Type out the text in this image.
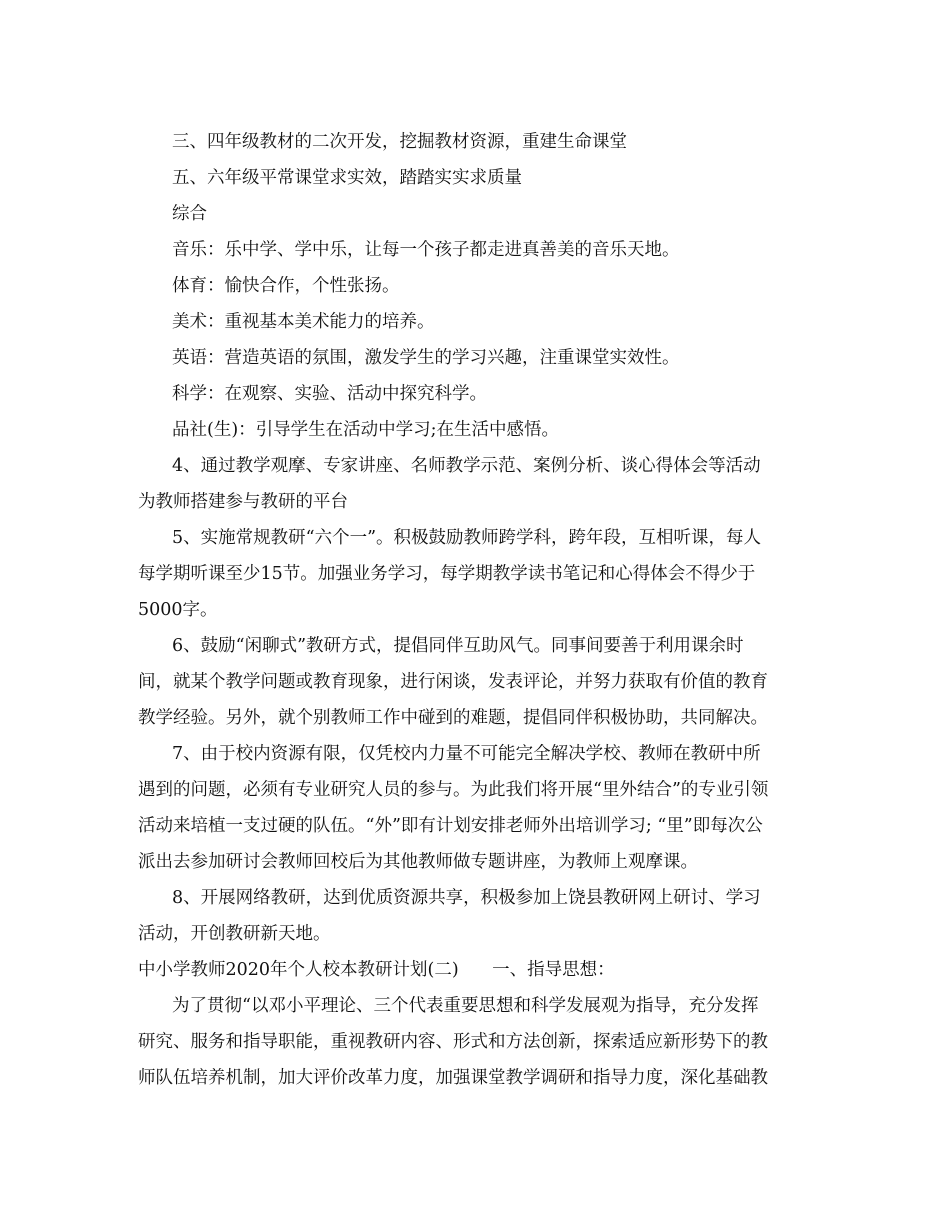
三、四年级教材的二次开发，挖掘教材资源，重建生命课堂
五、六年级平常课堂求实效，踏踏实实求质量
综合
音乐：乐中学、学中乐，让每一个孩子都走进真善美的音乐天地。
体育：愉快合作，个性张扬。
美术：重视基本美术能力的培养。
英语：营造英语的氛围，激发学生的学习兴趣，注重课堂实效性。
科学：在观察、实验、活动中探究科学。
品社(生)：引导学生在活动中学习;在生活中感悟。
4、通过教学观摩、专家讲座、名师教学示范、案例分析、谈心得体会等活动
为教师搭建参与教研的平台
5、实施常规教研“六个一”。积极鼓励教师跨学科，跨年段，互相听课，每人
每学期听课至少15节。加强业务学习，每学期教学读书笔记和心得体会不得少于
5000字。
6、鼓励“闲聊式”教研方式，提倡同伴互助风气。同事间要善于利用课余时
间，就某个教学问题或教育现象，进行闲谈，发表评论，并努力获取有价值的教育
教学经验。另外，就个别教师工作中碰到的难题，提倡同伴积极协助，共同解决。
7、由于校内资源有限，仅凭校内力量不可能完全解决学校、教师在教研中所
遇到的问题，必须有专业研究人员的参与。为此我们将开展“里外结合”的专业引领
活动来培植一支过硬的队伍。“外”即有计划安排老师外出培训学习; “里”即每次公
派出去参加研讨会教师回校后为其他教师做专题讲座，为教师上观摩课。
8、开展网络教研，达到优质资源共享，积极参加上饶县教研网上研讨、学习
活动，开创教研新天地。
中小学教师2020年个人校本教研计划(二)      一、指导思想：
为了贯彻“以邓小平理论、三个代表重要思想和科学发展观为指导，充分发挥
研究、服务和指导职能，重视教研内容、形式和方法创新，探索适应新形势下的教
师队伍培养机制，加大评价改革力度，加强课堂教学调研和指导力度，深化基础教
